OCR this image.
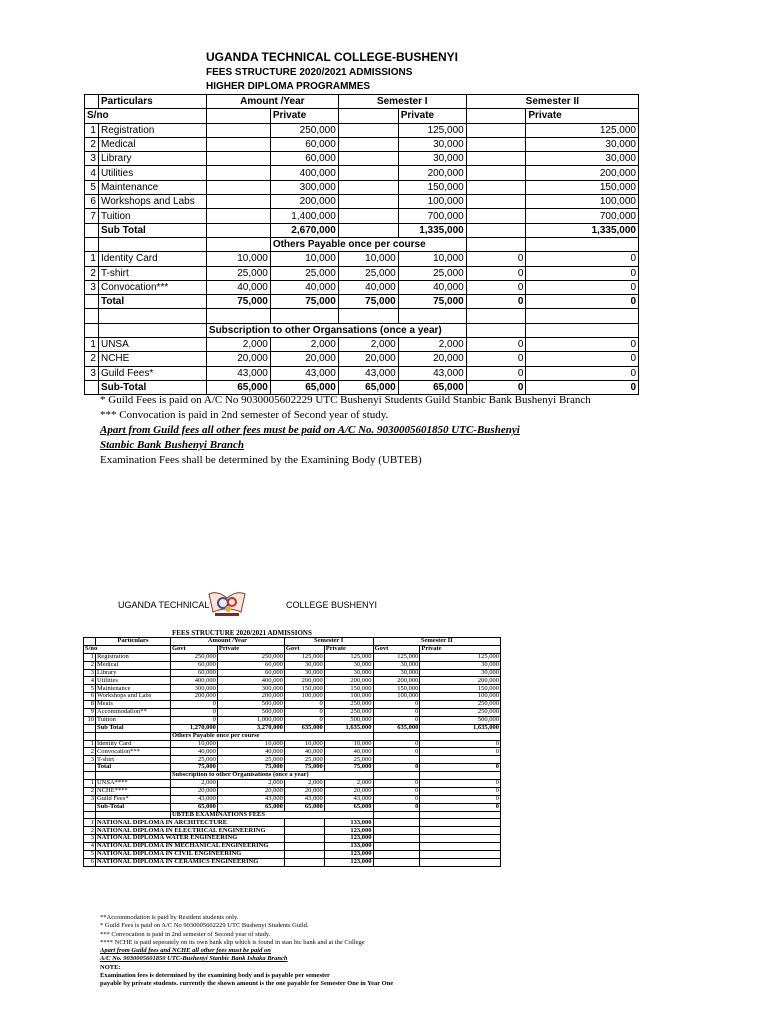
UGANDA TECHNICAL COLLEGE-BUSHENYI
FEES STRUCTURE 2020/2021 ADMISSIONS
HIGHER DIPLOMA PROGRAMMES
	Particulars	Amount /Year		Semester I		Semester II	
S/no			Private		Private		Private
1	Registration		250,000		125,000		125,000
2	Medical		60,000		30,000		30,000
3	Library		60,000		30,000		30,000
4	Utilities		400,000		200,000		200,000
5	Maintenance		300,000		150,000		150,000
6	Workshops and Labs		200,000		100,000		100,000
7	Tuition		1,400,000		700,000		700,000
	Sub Total		2,670,000		1,335,000		1,335,000
			Others Payable once per course				
1	Identity Card	10,000	10,000	10,000	10,000	0	0
2	T-shirt	25,000	25,000	25,000	25,000	0	0
3	Convocation***	40,000	40,000	40,000	40,000	0	0
	Total	75,000	75,000	75,000	75,000	0	0

		Subscription to other Organsations (once a year)					
1	UNSA	2,000	2,000	2,000	2,000	0	0
2	NCHE	20,000	20,000	20,000	20,000	0	0
3	Guild Fees*	43,000	43,000	43,000	43,000	0	0
	Sub-Total	65,000	65,000	65,000	65,000	0	0
* Guild Fees is paid on A/C No 9030005602229 UTC Bushenyi Students Guild Stanbic Bank Bushenyi Branch
*** Convocation is paid in 2nd semester of Second year of study.
Apart from Guild fees all other fees must be paid on A/C No. 9030005601850 UTC-Bushenyi
Stanbic Bank Bushenyi Branch
Examination Fees shall be determined by the Examining Body (UBTEB)
UGANDA TECHNICAL	COLLEGE BUSHENYI
FEES STRUCTURE 2020/2021 ADMISSIONS
	Particulars	Amount /Year		Semester I		Semester II	
S/no		Govt	Private	Govt	Private	Govt	Private
1	Registration	250,000	250,000	125,000	125,000	125,000	125,000
2	Medical	60,000	60,000	30,000	30,000	30,000	30,000
3	Library	60,000	60,000	30,000	30,000	30,000	30,000
4	Utilities	400,000	400,000	200,000	200,000	200,000	200,000
5	Maintenance	300,000	300,000	150,000	150,000	150,000	150,000
6	Workshops and Labs	200,000	200,000	100,000	100,000	100,000	100,000
8	Meals	0	500,000	0	250,000	0	250,000
9	Accommodation**	0	500,000	0	250,000	0	250,000
10	Tuition	0	1,000,000	0	500,000	0	500,000
	Sub Total	1,270,000	3,270,000	635,000	1,635,000	635,000	1,635,000
		Others Payable once per course					
1	Identity Card	10,000	10,000	10,000	10,000	0	0
2	Convocation***	40,000	40,000	40,000	40,000	0	0
3	T-shirt	25,000	25,000	25,000	25,000		
	Total	75,000	75,000	75,000	75,000	0	0
		Subscription to other Organisations (once a year)					
1	UNSA****	2,000	2,000	2,000	2,000	0	0
2	NCHE****	20,000	20,000	20,000	20,000	0	0
3	Guild Fees*	43,000	43,000	43,000	43,000	0	0
	Sub-Total	65,000	65,000	65,000	65,000	0	0
		UBTEB EXAMINATIONS FEES					
1	NATIONAL DIPLOMA IN ARCHITECTURE				133,000		
2	NATIONAL DIPLOMA IN ELECTRICAL ENGINEERING				123,000		
3	NATIONAL DIPLOMA WATER ENGINEERING				123,000		
4	NATIONAL DIPLOMA IN MECHANICAL ENGINEERING				133,000		
5	NATIONAL DIPLOMA IN CIVIL ENGINEERING				123,000		
6	NATIONAL DIPLOMA IN CERAMICS ENGINEERING				123,000		
**Accommodation is paid by Resident students only.
* Guild Fees is paid on A/C No 9030005602229 UTC Bushenyi Students Guild.
*** Convocation is paid in 2nd semester of Second year of study.
**** NCHE is paid seperately on its own bank slip which is found in stan bic bank and at the College
Apart from Guild fees and NCHE all other fees must be paid on
A/C No. 9030005601850 UTC-Bushenyi Stanbic Bank Ishaka Branch
NOTE:
Examination fees is determined by the examining body and is payable per semester
payable by private students. currently the shown amount is the one payable for Semester One in Year One
